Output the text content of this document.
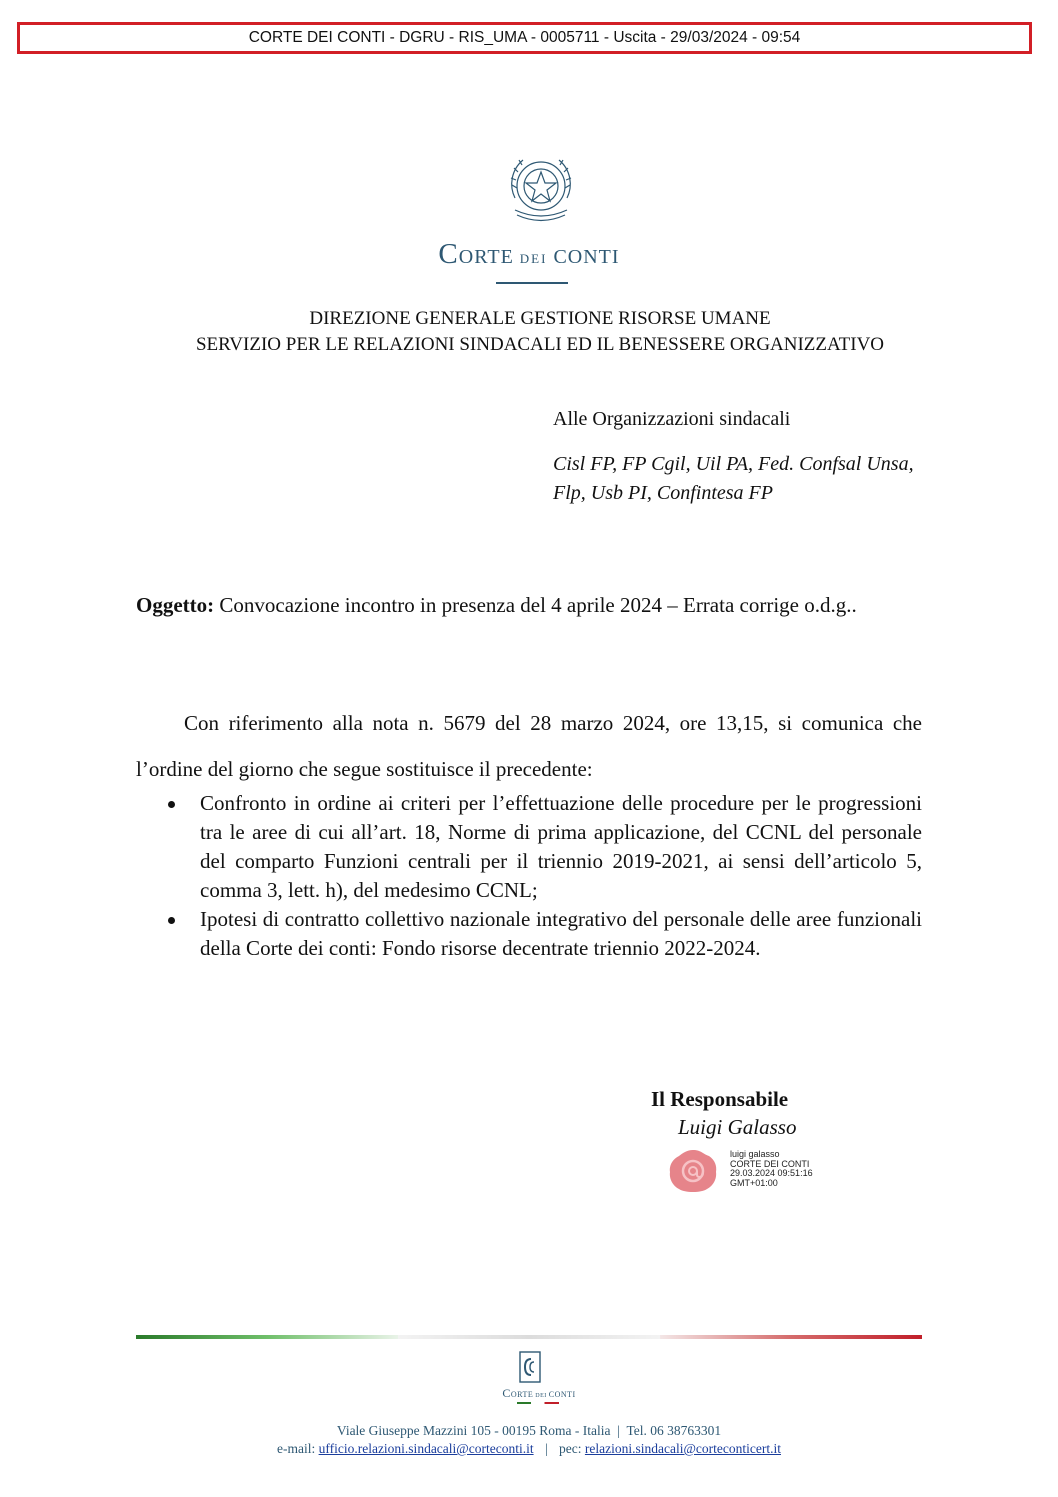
CORTE DEI CONTI - DGRU - RIS_UMA - 0005711 - Uscita - 29/03/2024 - 09:54
Corte dei conti
DIREZIONE GENERALE GESTIONE RISORSE UMANE
SERVIZIO PER LE RELAZIONI SINDACALI ED IL BENESSERE ORGANIZZATIVO
Alle Organizzazioni sindacali
Cisl FP, FP Cgil, Uil PA, Fed. Confsal Unsa, Flp, Usb PI, Confintesa FP
Oggetto: Convocazione incontro in presenza del 4 aprile 2024 – Errata corrige o.d.g..
Con riferimento alla nota n. 5679 del 28 marzo 2024, ore 13,15, si comunica che l’ordine del giorno che segue sostituisce il precedente:
Confronto in ordine ai criteri per l’effettuazione delle procedure per le progressioni tra le aree di cui all’art. 18, Norme di prima applicazione, del CCNL del personale del comparto Funzioni centrali per il triennio 2019-2021, ai sensi dell’articolo 5, comma 3, lett. h), del medesimo CCNL;
Ipotesi di contratto collettivo nazionale integrativo del personale delle aree funzionali della Corte dei conti: Fondo risorse decentrate triennio 2022-2024.
Il Responsabile
Luigi Galasso
luigi galasso
CORTE DEI CONTI
29.03.2024 09:51:16
GMT+01:00
Corte dei conti
Viale Giuseppe Mazzini 105 - 00195 Roma - Italia  |  Tel. 06 38763301
e-mail: ufficio.relazioni.sindacali@corteconti.it | pec: relazioni.sindacali@corteconticert.it
